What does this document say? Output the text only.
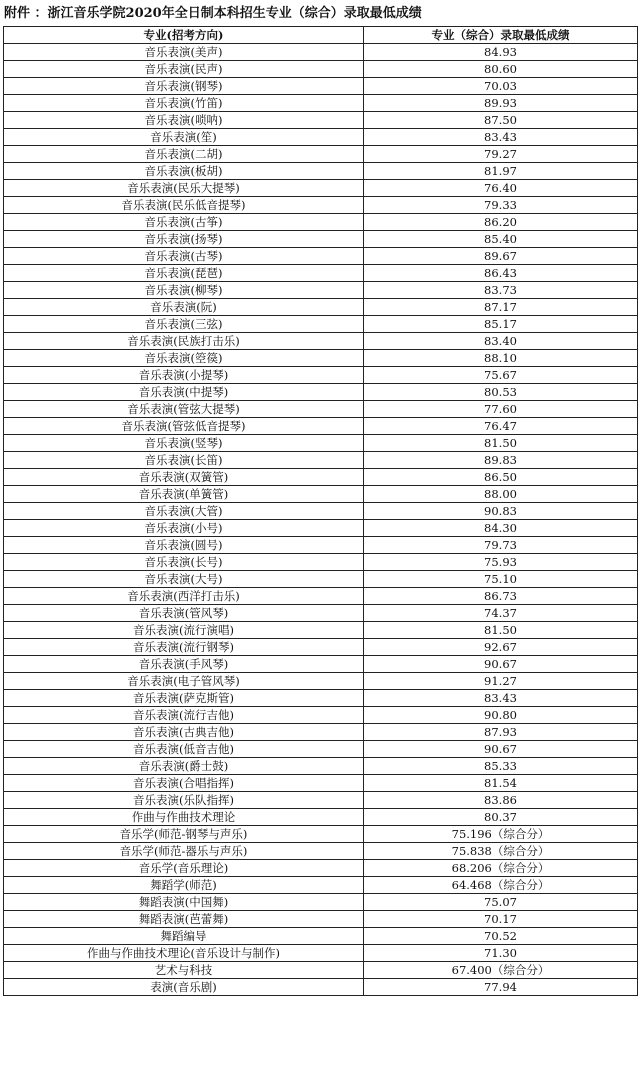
附件 ：浙江音乐学院2020年全日制本科招生专业（综合）录取最低成绩
专业(招考方向)	专业（综合）录取最低成绩
音乐表演(美声)	84.93
音乐表演(民声)	80.60
音乐表演(钢琴)	70.03
音乐表演(竹笛)	89.93
音乐表演(唢呐)	87.50
音乐表演(笙)	83.43
音乐表演(二胡)	79.27
音乐表演(板胡)	81.97
音乐表演(民乐大提琴)	76.40
音乐表演(民乐低音提琴)	79.33
音乐表演(古筝)	86.20
音乐表演(扬琴)	85.40
音乐表演(古琴)	89.67
音乐表演(琵琶)	86.43
音乐表演(柳琴)	83.73
音乐表演(阮)	87.17
音乐表演(三弦)	85.17
音乐表演(民族打击乐)	83.40
音乐表演(箜篌)	88.10
音乐表演(小提琴)	75.67
音乐表演(中提琴)	80.53
音乐表演(管弦大提琴)	77.60
音乐表演(管弦低音提琴)	76.47
音乐表演(竖琴)	81.50
音乐表演(长笛)	89.83
音乐表演(双簧管)	86.50
音乐表演(单簧管)	88.00
音乐表演(大管)	90.83
音乐表演(小号)	84.30
音乐表演(圆号)	79.73
音乐表演(长号)	75.93
音乐表演(大号)	75.10
音乐表演(西洋打击乐)	86.73
音乐表演(管风琴)	74.37
音乐表演(流行演唱)	81.50
音乐表演(流行钢琴)	92.67
音乐表演(手风琴)	90.67
音乐表演(电子管风琴)	91.27
音乐表演(萨克斯管)	83.43
音乐表演(流行吉他)	90.80
音乐表演(古典吉他)	87.93
音乐表演(低音吉他)	90.67
音乐表演(爵士鼓)	85.33
音乐表演(合唱指挥)	81.54
音乐表演(乐队指挥)	83.86
作曲与作曲技术理论	80.37
音乐学(师范-钢琴与声乐)	75.196（综合分）
音乐学(师范-器乐与声乐)	75.838（综合分）
音乐学(音乐理论)	68.206（综合分）
舞蹈学(师范)	64.468（综合分）
舞蹈表演(中国舞)	75.07
舞蹈表演(芭蕾舞)	70.17
舞蹈编导	70.52
作曲与作曲技术理论(音乐设计与制作)	71.30
艺术与科技	67.400（综合分）
表演(音乐剧)	77.94
